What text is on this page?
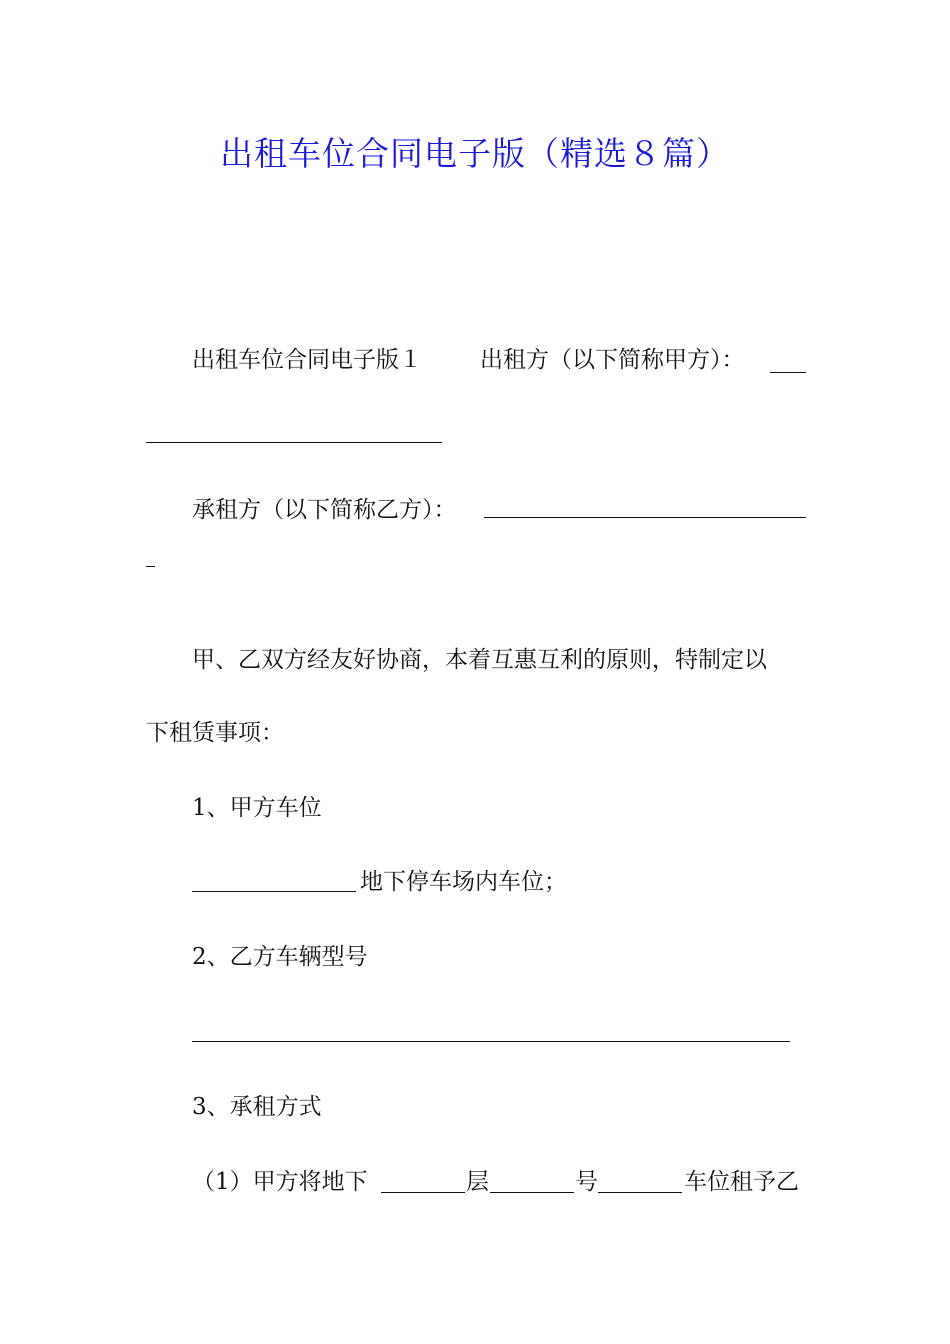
出租车位合同电子版（精选８篇）
出租车位合同电子版１	出租方（以下简称甲方）：
承租方（以下简称乙方）：
甲、乙双方经友好协商，本着互惠互利的原则，特制定以
下租赁事项：
1、甲方车位
地下停车场内车位；
2、乙方车辆型号
3、承租方式
（1）甲方将地下	层	号	车位租予乙
